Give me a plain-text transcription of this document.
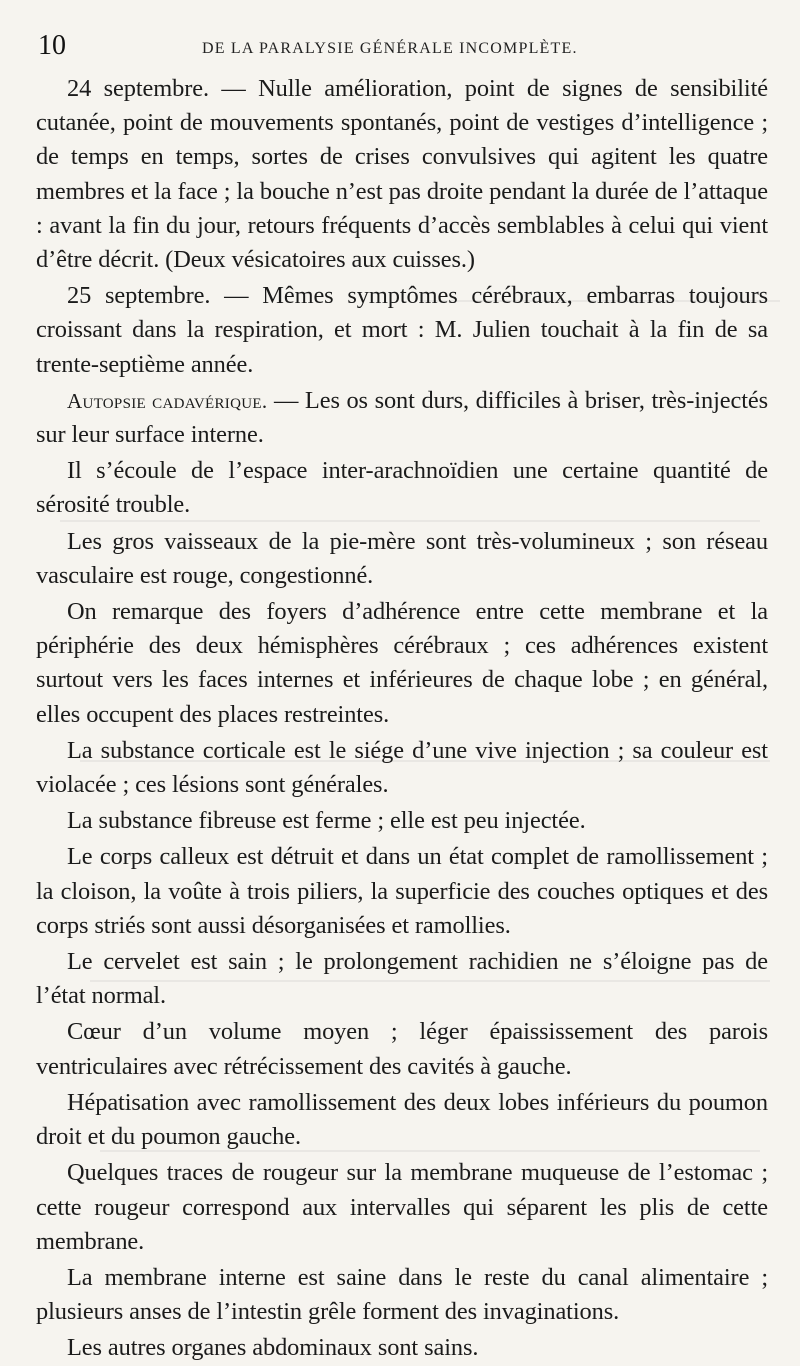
10	DE LA PARALYSIE GÉNÉRALE INCOMPLÈTE.

24 septembre. — Nulle amélioration, point de signes de sensibilité cutanée, point de mouvements spontanés, point de vestiges d’intelligence ; de temps en temps, sortes de crises convulsives qui agitent les quatre membres et la face ; la bouche n’est pas droite pendant la durée de l’attaque : avant la fin du jour, retours fréquents d’accès semblables à celui qui vient d’être décrit. (Deux vésicatoires aux cuisses.)

25 septembre. — Mêmes symptômes cérébraux, embarras toujours croissant dans la respiration, et mort : M. Julien touchait à la fin de sa trente-septième année.

Autopsie cadavérique. — Les os sont durs, difficiles à briser, très-injectés sur leur surface interne.

Il s’écoule de l’espace inter-arachnoïdien une certaine quantité de sérosité trouble.

Les gros vaisseaux de la pie-mère sont très-volumineux ; son réseau vasculaire est rouge, congestionné.

On remarque des foyers d’adhérence entre cette membrane et la périphérie des deux hémisphères cérébraux ; ces adhérences existent surtout vers les faces internes et inférieures de chaque lobe ; en général, elles occupent des places restreintes.

La substance corticale est le siége d’une vive injection ; sa couleur est violacée ; ces lésions sont générales.

La substance fibreuse est ferme ; elle est peu injectée.

Le corps calleux est détruit et dans un état complet de ramollissement ; la cloison, la voûte à trois piliers, la superficie des couches optiques et des corps striés sont aussi désorganisées et ramollies.

Le cervelet est sain ; le prolongement rachidien ne s’éloigne pas de l’état normal.

Cœur d’un volume moyen ; léger épaississement des parois ventriculaires avec rétrécissement des cavités à gauche.

Hépatisation avec ramollissement des deux lobes inférieurs du poumon droit et du poumon gauche.

Quelques traces de rougeur sur la membrane muqueuse de l’estomac ; cette rougeur correspond aux intervalles qui séparent les plis de cette membrane.

La membrane interne est saine dans le reste du canal alimentaire ; plusieurs anses de l’intestin grêle forment des invaginations.

Les autres organes abdominaux sont sains.
